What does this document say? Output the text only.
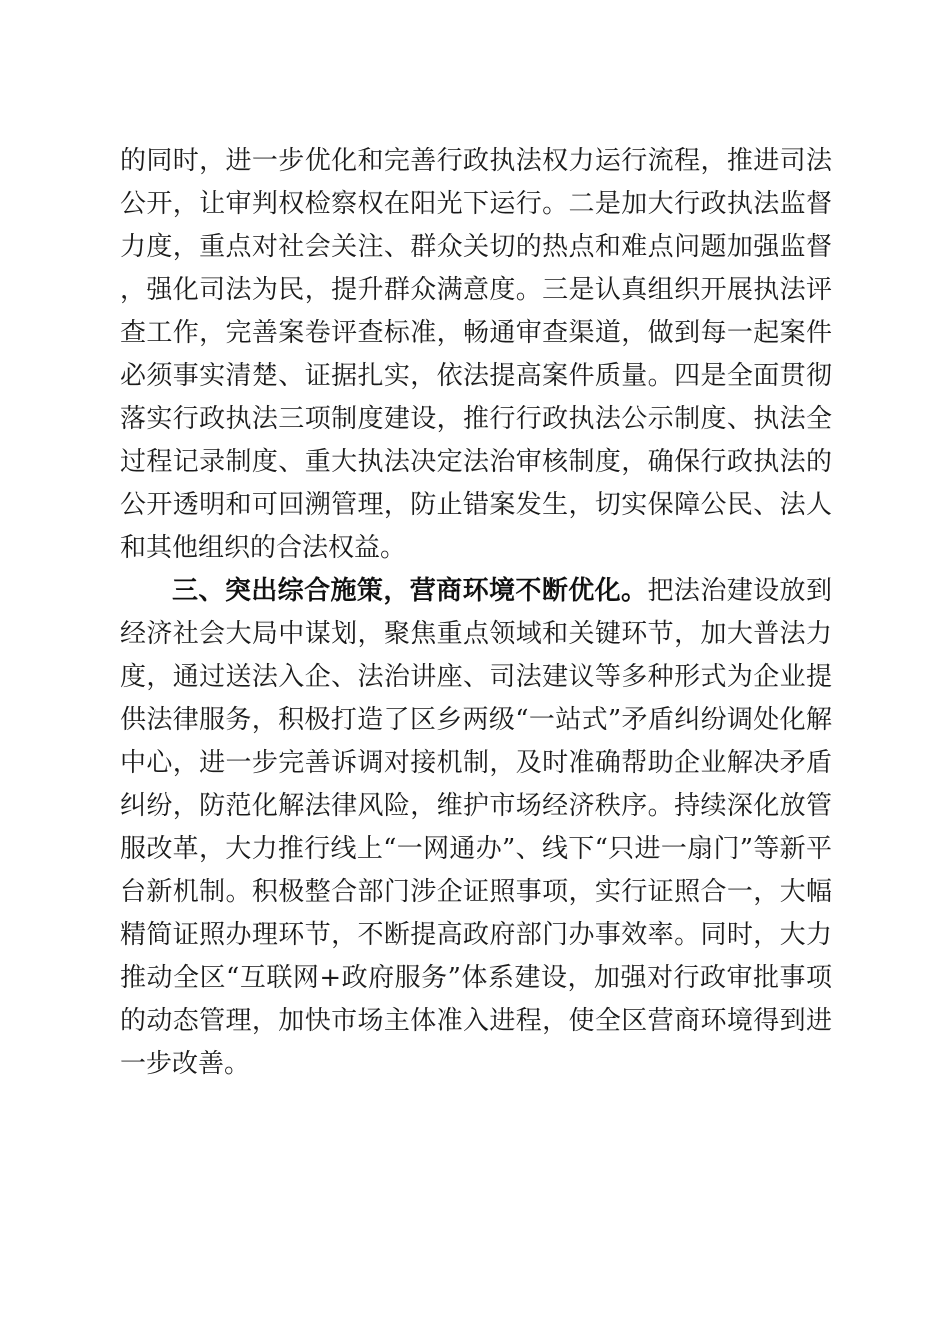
的同时，进一步优化和完善行政执法权力运行流程，推进司法公开，让审判权检察权在阳光下运行。二是加大行政执法监督力度，重点对社会关注、群众关切的热点和难点问题加强监督，强化司法为民，提升群众满意度。三是认真组织开展执法评查工作，完善案卷评查标准，畅通审查渠道，做到每一起案件必须事实清楚、证据扎实，依法提高案件质量。四是全面贯彻落实行政执法三项制度建设，推行行政执法公示制度、执法全过程记录制度、重大执法决定法治审核制度，确保行政执法的公开透明和可回溯管理，防止错案发生，切实保障公民、法人和其他组织的合法权益。

三、突出综合施策，营商环境不断优化。把法治建设放到经济社会大局中谋划，聚焦重点领域和关键环节，加大普法力度，通过送法入企、法治讲座、司法建议等多种形式为企业提供法律服务，积极打造了区乡两级“一站式”矛盾纠纷调处化解中心，进一步完善诉调对接机制，及时准确帮助企业解决矛盾纠纷，防范化解法律风险，维护市场经济秩序。持续深化放管服改革，大力推行线上“一网通办”、线下“只进一扇门”等新平台新机制。积极整合部门涉企证照事项，实行证照合一，大幅精简证照办理环节，不断提高政府部门办事效率。同时，大力推动全区“互联网+政府服务”体系建设，加强对行政审批事项的动态管理，加快市场主体准入进程，使全区营商环境得到进一步改善。
